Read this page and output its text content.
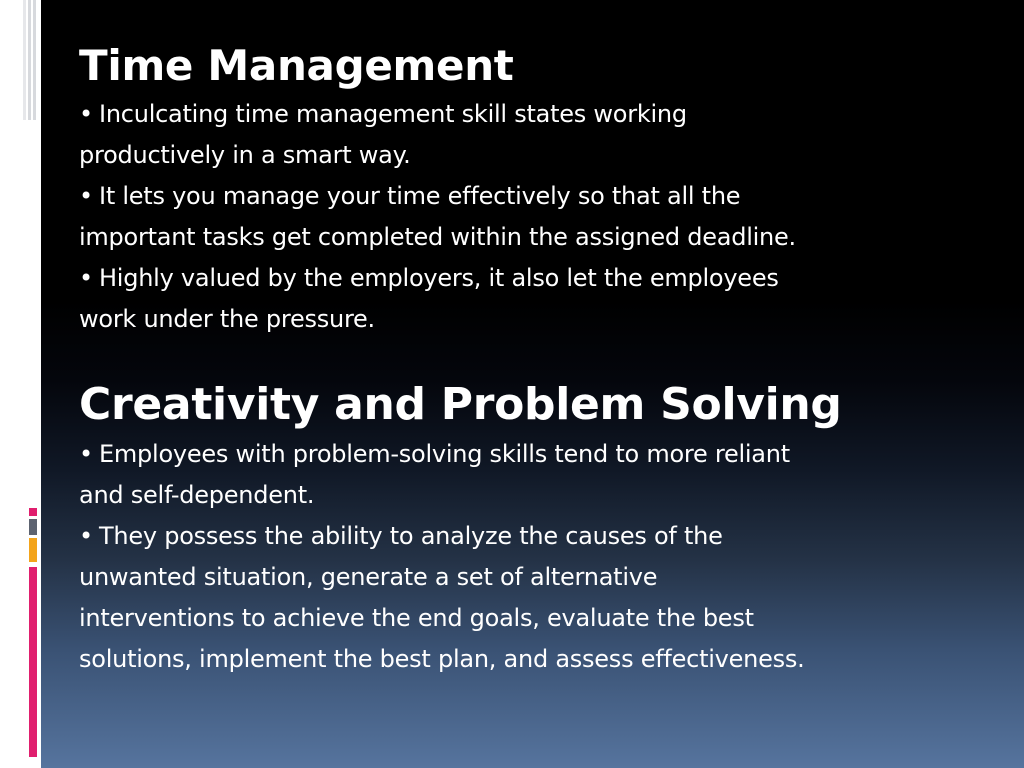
Time Management

• Inculcating time management skill states working

productively in a smart way.

• It lets you manage your time effectively so that all the

important tasks get completed within the assigned deadline.

• Highly valued by the employers, it also let the employees

work under the pressure.

Creativity and Problem Solving

• Employees with problem-solving skills tend to more reliant

and self-dependent.

• They possess the ability to analyze the causes of the

unwanted situation, generate a set of alternative

interventions to achieve the end goals, evaluate the best

solutions, implement the best plan, and assess effectiveness.
